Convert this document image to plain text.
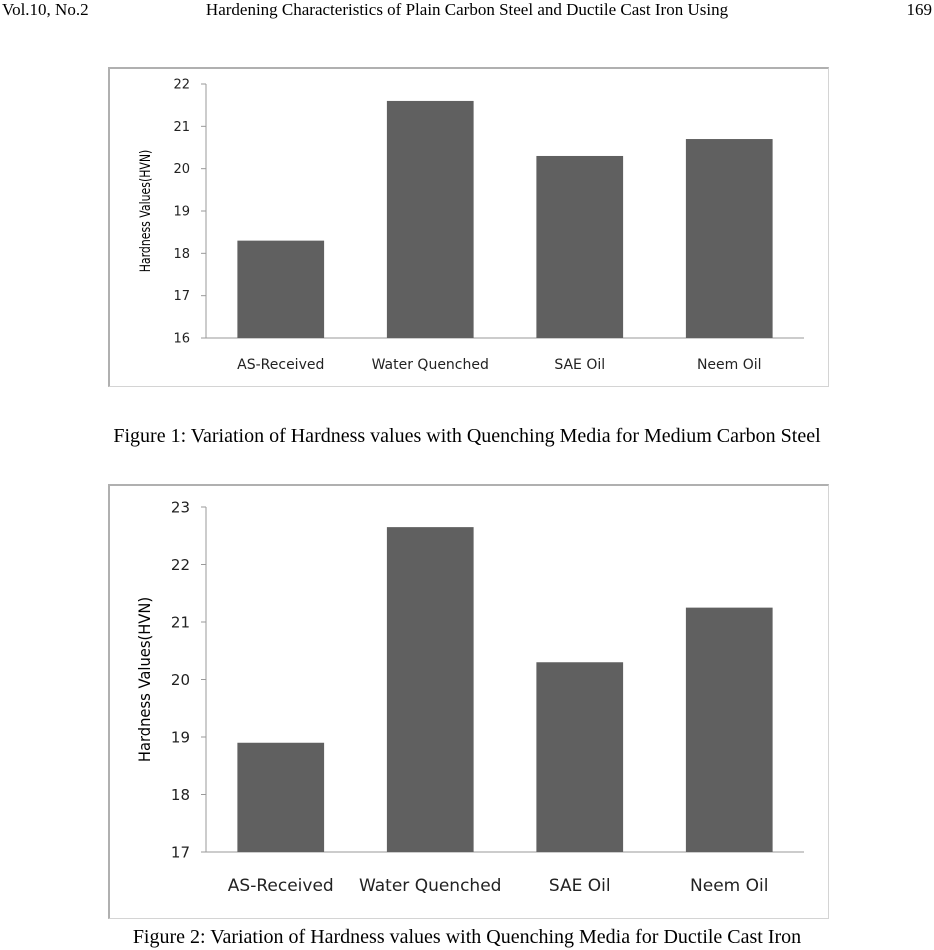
Vol.10, No.2	Hardening Characteristics of Plain Carbon Steel and Ductile Cast Iron Using	169
16
17
18
19
20
21
22
Hardness Values(HVN)
AS-Received	Water Quenched	SAE Oil	Neem Oil
Figure 1: Variation of Hardness values with Quenching Media for Medium Carbon Steel
17
18
19
20
21
22
23
Hardness Values(HVN)
AS-Received Water Quenched	SAE Oil	Neem Oil
Figure 2: Variation of Hardness values with Quenching Media for Ductile Cast Iron
